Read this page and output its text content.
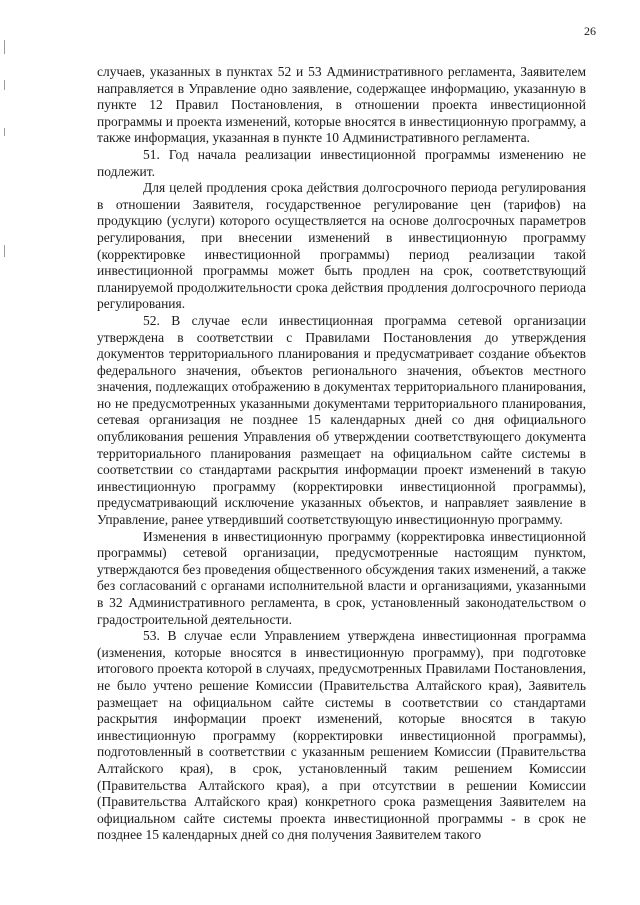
26

случаев, указанных в пунктах 52 и 53 Административного регламента, Заявителем направляется в Управление одно заявление, содержащее информацию, указанную в пункте 12 Правил Постановления, в отношении проекта инвестиционной программы и проекта изменений, которые вносятся в инвестиционную программу, а также информация, указанная в пункте 10 Административного регламента.

51. Год начала реализации инвестиционной программы изменению не подлежит.

Для целей продления срока действия долгосрочного периода регулирования в отношении Заявителя, государственное регулирование цен (тарифов) на продукцию (услуги) которого осуществляется на основе долгосрочных параметров регулирования, при внесении изменений в инвестиционную программу (корректировке инвестиционной программы) период реализации такой инвестиционной программы может быть продлен на срок, соответствующий планируемой продолжительности срока действия продления долгосрочного периода регулирования.

52. В случае если инвестиционная программа сетевой организации утверждена в соответствии с Правилами Постановления до утверждения документов территориального планирования и предусматривает создание объектов федерального значения, объектов регионального значения, объектов местного значения, подлежащих отображению в документах территориального планирования, но не предусмотренных указанными документами территориального планирования, сетевая организация не позднее 15 календарных дней со дня официального опубликования решения Управления об утверждении соответствующего документа территориального планирования размещает на официальном сайте системы в соответствии со стандартами раскрытия информации проект изменений в такую инвестиционную программу (корректировки инвестиционной программы), предусматривающий исключение указанных объектов, и направляет заявление в Управление, ранее утвердивший соответствующую инвестиционную программу.

Изменения в инвестиционную программу (корректировка инвестиционной программы) сетевой организации, предусмотренные настоящим пунктом, утверждаются без проведения общественного обсуждения таких изменений, а также без согласований с органами исполнительной власти и организациями, указанными в 32 Административного регламента, в срок, установленный законодательством о градостроительной деятельности.

53. В случае если Управлением утверждена инвестиционная программа (изменения, которые вносятся в инвестиционную программу), при подготовке итогового проекта которой в случаях, предусмотренных Правилами Постановления, не было учтено решение Комиссии (Правительства Алтайского края), Заявитель размещает на официальном сайте системы в соответствии со стандартами раскрытия информации проект изменений, которые вносятся в такую инвестиционную программу (корректировки инвестиционной программы), подготовленный в соответствии с указанным решением Комиссии (Правительства Алтайского края), в срок, установленный таким решением Комиссии (Правительства Алтайского края), а при отсутствии в решении Комиссии (Правительства Алтайского края) конкретного срока размещения Заявителем на официальном сайте системы проекта инвестиционной программы - в срок не позднее 15 календарных дней со дня получения Заявителем такого
